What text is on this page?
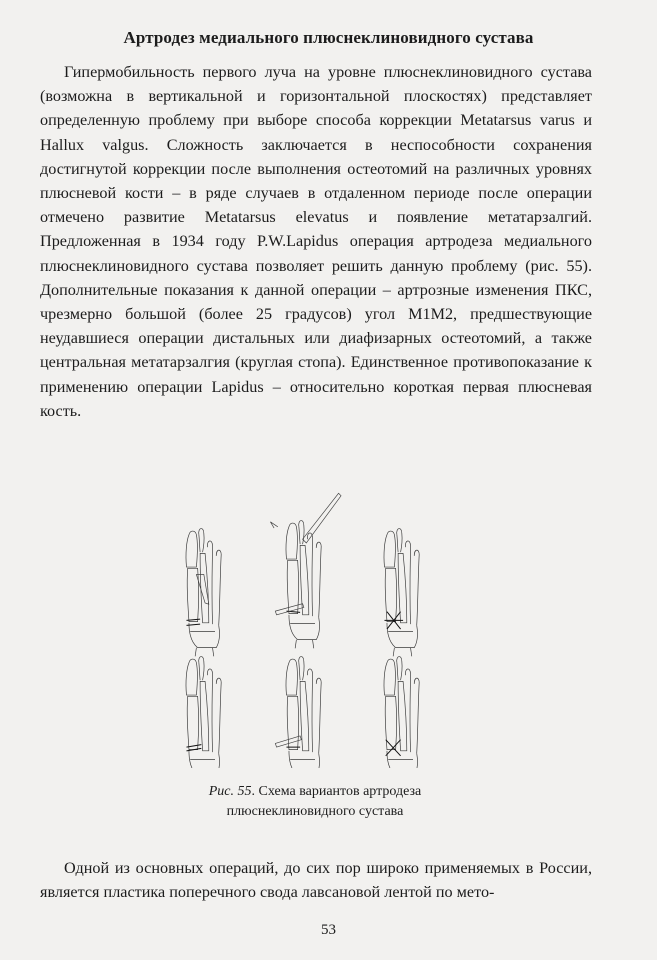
Артродез медиального плюснеклиновидного сустава

Гипермобильность первого луча на уровне плюснеклиновидного сустава (возможна в вертикальной и горизонтальной плоскостях) представляет определенную проблему при выборе способа коррекции Metatarsus varus и Hallux valgus. Сложность заключается в неспособности сохранения достигнутой коррекции после выполнения остеотомий на различных уровнях плюсневой кости – в ряде случаев в отдаленном периоде после операции отмечено развитие Metatarsus elevatus и появление метатарзалгий. Предложенная в 1934 году P.W.Lapidus операция артродеза медиального плюснеклиновидного сустава позволяет решить данную проблему (рис. 55). Дополнительные показания к данной операции – артрозные изменения ПКС, чрезмерно большой (более 25 градусов) угол М1М2, предшествующие неудавшиеся операции дистальных или диафизарных остеотомий, а также центральная метатарзалгия (круглая стопа). Единственное противопоказание к применению операции Lapidus – относительно короткая первая плюсневая кость.

Рис. 55. Схема вариантов артродеза плюснеклиновидного сустава

Одной из основных операций, до сих пор широко применяемых в России, является пластика поперечного свода лавсановой лентой по мето-

53
